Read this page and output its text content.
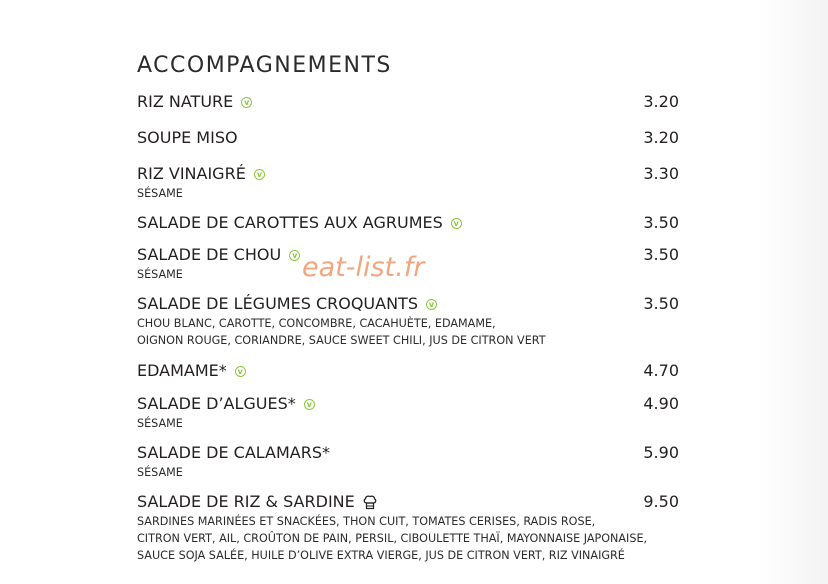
ACCOMPAGNEMENTS
RIZ NATURE	v	3.20
SOUPE MISO	3.20
RIZ VINAIGRÉ	v	3.30
SÉSAME
SALADE DE CAROTTES AUX AGRUMES	v	3.50
SALADE DE CHOU	v	3.50
SÉSAME
SALADE DE LÉGUMES CROQUANTS	v	3.50
CHOU BLANC, CAROTTE, CONCOMBRE, CACAHUÈTE, EDAMAME,
OIGNON ROUGE, CORIANDRE, SAUCE SWEET CHILI, JUS DE CITRON VERT
EDAMAME*	v	4.70
SALADE D’ALGUES*	v	4.90
SÉSAME
SALADE DE CALAMARS*	5.90
SÉSAME
SALADE DE RIZ & SARDINE	9.50
SARDINES MARINÉES ET SNACKÉES, THON CUIT, TOMATES CERISES, RADIS ROSE,
CITRON VERT, AIL, CROÛTON DE PAIN, PERSIL, CIBOULETTE THAÏ, MAYONNAISE JAPONAISE,
SAUCE SOJA SALÉE, HUILE D’OLIVE EXTRA VIERGE, JUS DE CITRON VERT, RIZ VINAIGRÉ
eat-list.fr
